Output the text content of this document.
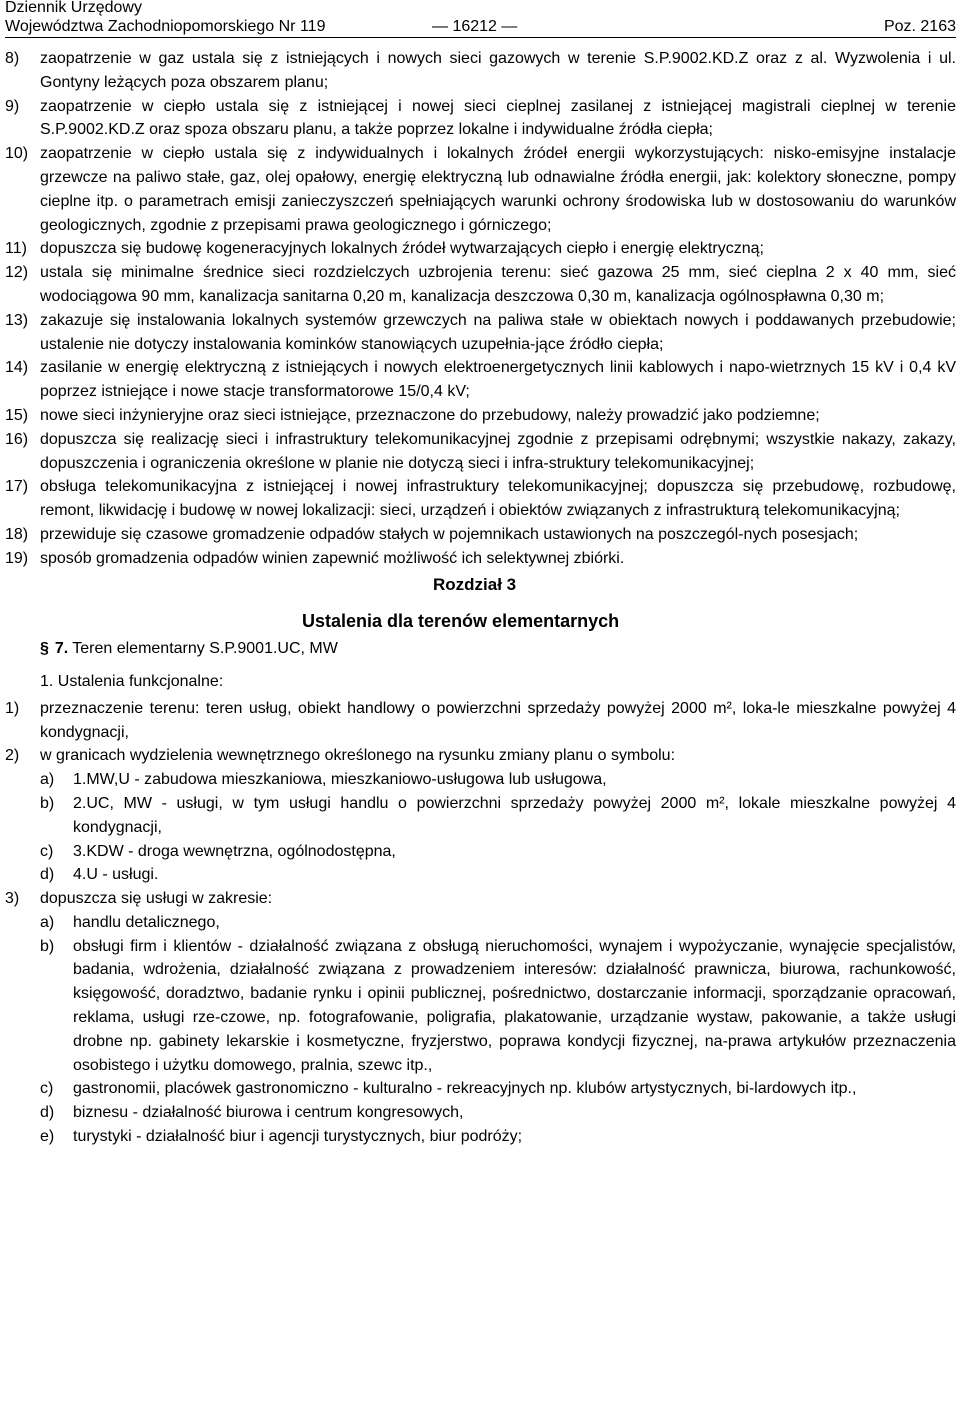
Dziennik Urzędowy
Województwa Zachodniopomorskiego Nr 119	— 16212 —	Poz. 2163
8) zaopatrzenie w gaz ustala się z istniejących i nowych sieci gazowych w terenie S.P.9002.KD.Z oraz z al. Wyzwolenia i ul. Gontyny leżących poza obszarem planu;
9) zaopatrzenie w ciepło ustala się z istniejącej i nowej sieci cieplnej zasilanej z istniejącej magistrali cieplnej w terenie S.P.9002.KD.Z oraz spoza obszaru planu, a także poprzez lokalne i indywidualne źródła ciepła;
10) zaopatrzenie w ciepło ustala się z indywidualnych i lokalnych źródeł energii wykorzystujących: nisko-emisyjne instalacje grzewcze na paliwo stałe, gaz, olej opałowy, energię elektryczną lub odnawialne źródła energii, jak: kolektory słoneczne, pompy cieplne itp. o parametrach emisji zanieczyszczeń spełniających warunki ochrony środowiska lub w dostosowaniu do warunków geologicznych, zgodnie z przepisami prawa geologicznego i górniczego;
11) dopuszcza się budowę kogeneracyjnych lokalnych źródeł wytwarzających ciepło i energię elektryczną;
12) ustala się minimalne średnice sieci rozdzielczych uzbrojenia terenu: sieć gazowa 25 mm, sieć cieplna 2 x 40 mm, sieć wodociągowa 90 mm, kanalizacja sanitarna 0,20 m, kanalizacja deszczowa 0,30 m, kanalizacja ogólnospławna 0,30 m;
13) zakazuje się instalowania lokalnych systemów grzewczych na paliwa stałe w obiektach nowych i poddawanych przebudowie; ustalenie nie dotyczy instalowania kominków stanowiących uzupełnia-jące źródło ciepła;
14) zasilanie w energię elektryczną z istniejących i nowych elektroenergetycznych linii kablowych i napo-wietrznych 15 kV i 0,4 kV poprzez istniejące i nowe stacje transformatorowe 15/0,4 kV;
15) nowe sieci inżynieryjne oraz sieci istniejące, przeznaczone do przebudowy, należy prowadzić jako podziemne;
16) dopuszcza się realizację sieci i infrastruktury telekomunikacyjnej zgodnie z przepisami odrębnymi; wszystkie nakazy, zakazy, dopuszczenia i ograniczenia określone w planie nie dotyczą sieci i infra-struktury telekomunikacyjnej;
17) obsługa telekomunikacyjna z istniejącej i nowej infrastruktury telekomunikacyjnej; dopuszcza się przebudowę, rozbudowę, remont, likwidację i budowę w nowej lokalizacji: sieci, urządzeń i obiektów związanych z infrastrukturą telekomunikacyjną;
18) przewiduje się czasowe gromadzenie odpadów stałych w pojemnikach ustawionych na poszczegól-nych posesjach;
19) sposób gromadzenia odpadów winien zapewnić możliwość ich selektywnej zbiórki.
Rozdział 3
Ustalenia dla terenów elementarnych
§ 7. Teren elementarny S.P.9001.UC, MW
1. Ustalenia funkcjonalne:
1) przeznaczenie terenu: teren usług, obiekt handlowy o powierzchni sprzedaży powyżej 2000 m², loka-le mieszkalne powyżej 4 kondygnacji,
2) w granicach wydzielenia wewnętrznego określonego na rysunku zmiany planu o symbolu:
a) 1.MW,U - zabudowa mieszkaniowa, mieszkaniowo-usługowa lub usługowa,
b) 2.UC, MW - usługi, w tym usługi handlu o powierzchni sprzedaży powyżej 2000 m², lokale mieszkalne powyżej 4 kondygnacji,
c) 3.KDW - droga wewnętrzna, ogólnodostępna,
d) 4.U - usługi.
3) dopuszcza się usługi w zakresie:
a) handlu detalicznego,
b) obsługi firm i klientów - działalność związana z obsługą nieruchomości, wynajem i wypożyczanie, wynajęcie specjalistów, badania, wdrożenia, działalność związana z prowadzeniem interesów: działalność prawnicza, biurowa, rachunkowość, księgowość, doradztwo, badanie rynku i opinii publicznej, pośrednictwo, dostarczanie informacji, sporządzanie opracowań, reklama, usługi rze-czowe, np. fotografowanie, poligrafia, plakatowanie, urządzanie wystaw, pakowanie, a także usługi drobne np. gabinety lekarskie i kosmetyczne, fryzjerstwo, poprawa kondycji fizycznej, na-prawa artykułów przeznaczenia osobistego i użytku domowego, pralnia, szewc itp.,
c) gastronomii, placówek gastronomiczno - kulturalno - rekreacyjnych np. klubów artystycznych, bi-lardowych itp.,
d) biznesu - działalność biurowa i centrum kongresowych,
e) turystyki - działalność biur i agencji turystycznych, biur podróży;
